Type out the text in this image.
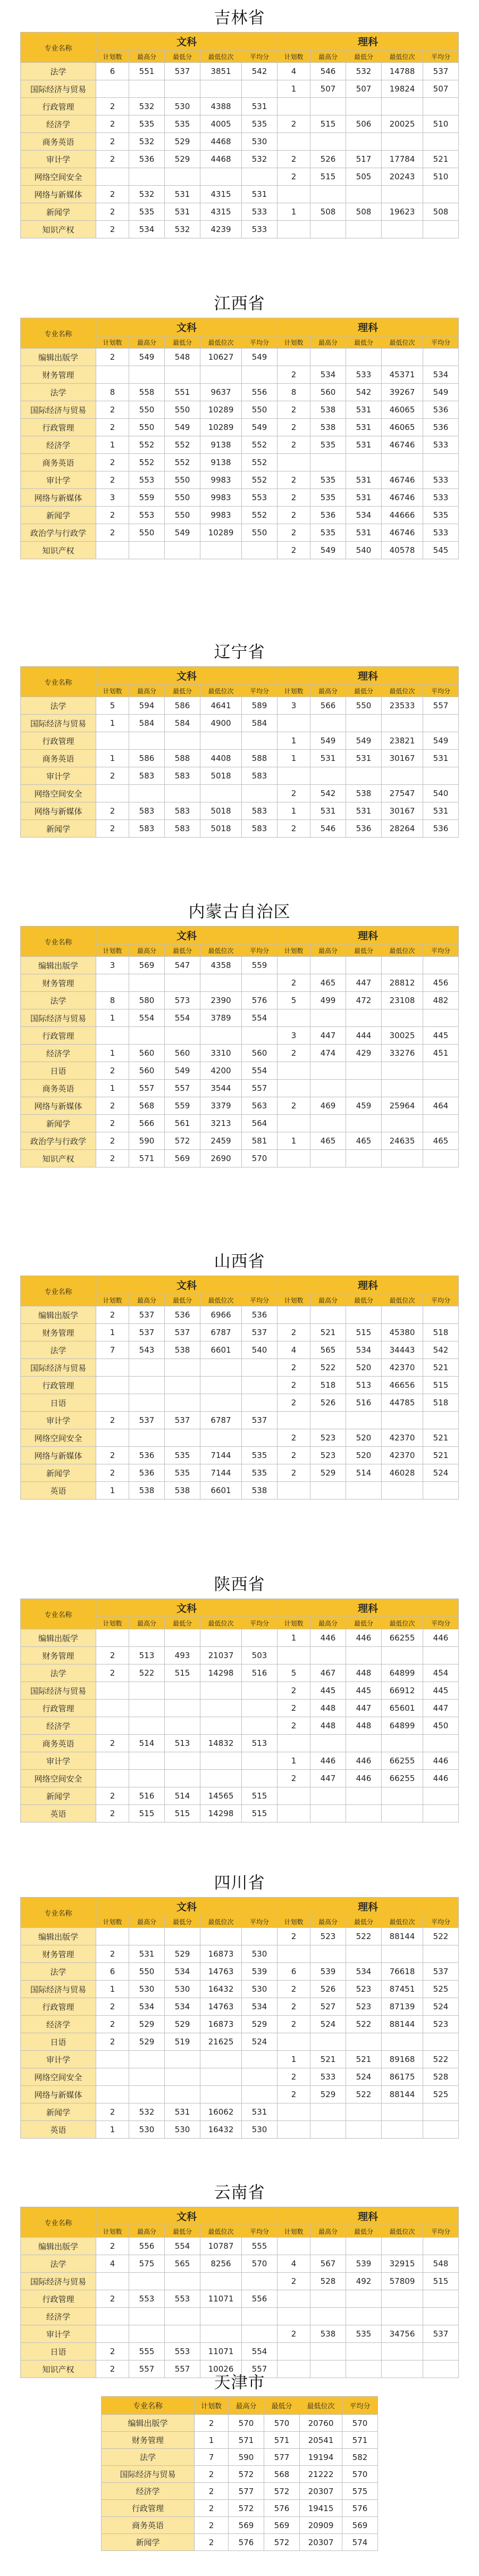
吉林省
专业名称	文科					理科				
	计划数	最高分	最低分	最低位次	平均分	计划数	最高分	最低分	最低位次	平均分
法学	6	551	537	3851	542	4	546	532	14788	537
国际经济与贸易						1	507	507	19824	507
行政管理	2	532	530	4388	531					
经济学	2	535	535	4005	535	2	515	506	20025	510
商务英语	2	532	529	4468	530					
审计学	2	536	529	4468	532	2	526	517	17784	521
网络空间安全						2	515	505	20243	510
网络与新媒体	2	532	531	4315	531					
新闻学	2	535	531	4315	533	1	508	508	19623	508
知识产权	2	534	532	4239	533					
江西省
专业名称	文科					理科				
	计划数	最高分	最低分	最低位次	平均分	计划数	最高分	最低分	最低位次	平均分
编辑出版学	2	549	548	10627	549					
财务管理						2	534	533	45371	534
法学	8	558	551	9637	556	8	560	542	39267	549
国际经济与贸易	2	550	550	10289	550	2	538	531	46065	536
行政管理	2	550	549	10289	549	2	538	531	46065	536
经济学	1	552	552	9138	552	2	535	531	46746	533
商务英语	2	552	552	9138	552					
审计学	2	553	550	9983	552	2	535	531	46746	533
网络与新媒体	3	559	550	9983	553	2	535	531	46746	533
新闻学	2	553	550	9983	552	2	536	534	44666	535
政治学与行政学	2	550	549	10289	550	2	535	531	46746	533
知识产权						2	549	540	40578	545
辽宁省
专业名称	文科					理科				
	计划数	最高分	最低分	最低位次	平均分	计划数	最高分	最低分	最低位次	平均分
法学	5	594	586	4641	589	3	566	550	23533	557
国际经济与贸易	1	584	584	4900	584					
行政管理						1	549	549	23821	549
商务英语	1	586	588	4408	588	1	531	531	30167	531
审计学	2	583	583	5018	583					
网络空间安全						2	542	538	27547	540
网络与新媒体	2	583	583	5018	583	1	531	531	30167	531
新闻学	2	583	583	5018	583	2	546	536	28264	536
内蒙古自治区
专业名称	文科					理科				
	计划数	最高分	最低分	最低位次	平均分	计划数	最高分	最低分	最低位次	平均分
编辑出版学	3	569	547	4358	559					
财务管理						2	465	447	28812	456
法学	8	580	573	2390	576	5	499	472	23108	482
国际经济与贸易	1	554	554	3789	554					
行政管理						3	447	444	30025	445
经济学	1	560	560	3310	560	2	474	429	33276	451
日语	2	560	549	4200	554					
商务英语	1	557	557	3544	557					
网络与新媒体	2	568	559	3379	563	2	469	459	25964	464
新闻学	2	566	561	3213	564					
政治学与行政学	2	590	572	2459	581	1	465	465	24635	465
知识产权	2	571	569	2690	570					
山西省
专业名称	文科					理科				
	计划数	最高分	最低分	最低位次	平均分	计划数	最高分	最低分	最低位次	平均分
编辑出版学	2	537	536	6966	536					
财务管理	1	537	537	6787	537	2	521	515	45380	518
法学	7	543	538	6601	540	4	565	534	34443	542
国际经济与贸易						2	522	520	42370	521
行政管理						2	518	513	46656	515
日语						2	526	516	44785	518
审计学	2	537	537	6787	537					
网络空间安全						2	523	520	42370	521
网络与新媒体	2	536	535	7144	535	2	523	520	42370	521
新闻学	2	536	535	7144	535	2	529	514	46028	524
英语	1	538	538	6601	538					
陕西省
专业名称	文科					理科				
	计划数	最高分	最低分	最低位次	平均分	计划数	最高分	最低分	最低位次	平均分
编辑出版学						1	446	446	66255	446
财务管理	2	513	493	21037	503					
法学	2	522	515	14298	516	5	467	448	64899	454
国际经济与贸易						2	445	445	66912	445
行政管理						2	448	447	65601	447
经济学						2	448	448	64899	450
商务英语	2	514	513	14832	513					
审计学						1	446	446	66255	446
网络空间安全						2	447	446	66255	446
新闻学	2	516	514	14565	515					
英语	2	515	515	14298	515					
四川省
专业名称	文科					理科				
	计划数	最高分	最低分	最低位次	平均分	计划数	最高分	最低分	最低位次	平均分
编辑出版学						2	523	522	88144	522
财务管理	2	531	529	16873	530					
法学	6	550	534	14763	539	6	539	534	76618	537
国际经济与贸易	1	530	530	16432	530	2	526	523	87451	525
行政管理	2	534	534	14763	534	2	527	523	87139	524
经济学	2	529	529	16873	529	2	524	522	88144	523
日语	2	529	519	21625	524					
审计学						1	521	521	89168	522
网络空间安全						2	533	524	86175	528
网络与新媒体						2	529	522	88144	525
新闻学	2	532	531	16062	531					
英语	1	530	530	16432	530					
云南省
专业名称	文科					理科				
	计划数	最高分	最低分	最低位次	平均分	计划数	最高分	最低分	最低位次	平均分
编辑出版学	2	556	554	10787	555					
法学	4	575	565	8256	570	4	567	539	32915	548
国际经济与贸易						2	528	492	57809	515
行政管理	2	553	553	11071	556					
经济学										
审计学						2	538	535	34756	537
日语	2	555	553	11071	554					
知识产权	2	557	557	10026	557					
天津市
专业名称	计划数	最高分	最低分	最低位次	平均分
编辑出版学	2	570	570	20760	570
财务管理	1	571	571	20541	571
法学	7	590	577	19194	582
国际经济与贸易	2	572	568	21222	570
经济学	2	577	572	20307	575
行政管理	2	572	576	19415	576
商务英语	2	569	569	20909	569
新闻学	2	576	572	20307	574
